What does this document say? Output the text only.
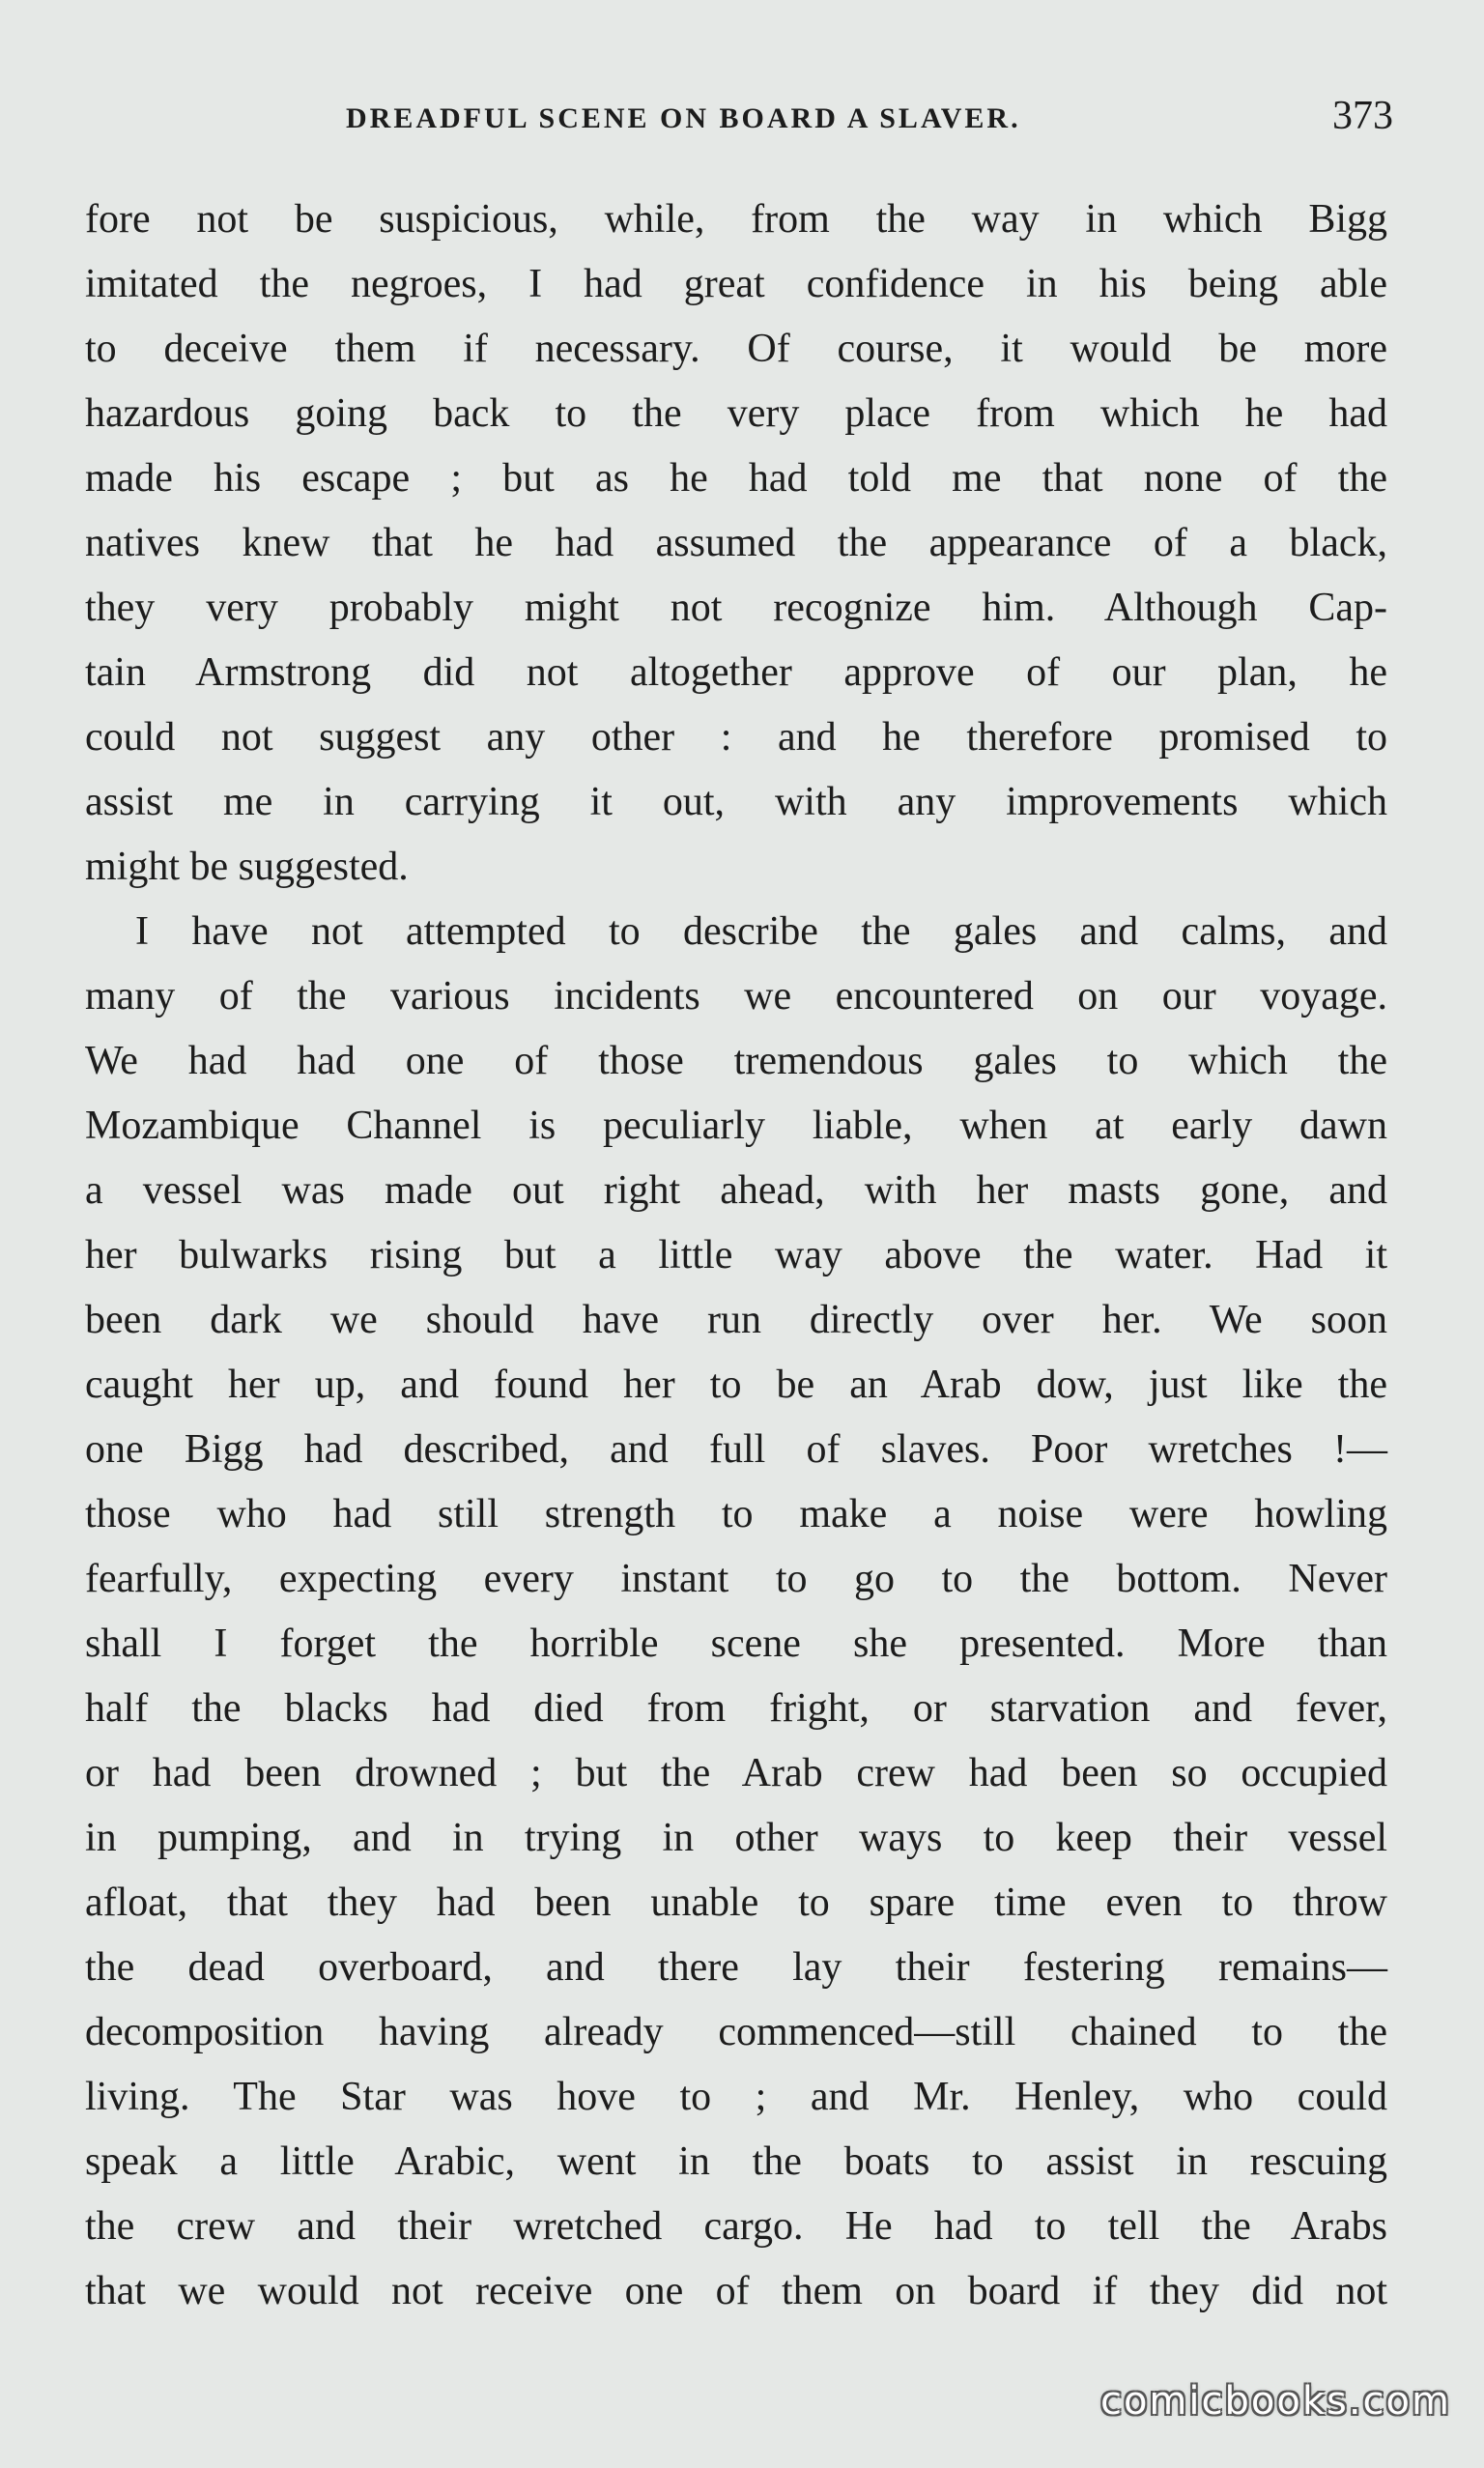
DREADFUL SCENE ON BOARD A SLAVER.	373
fore not be suspicious, while, from the way in which Bigg
imitated the negroes, I had great confidence in his being able
to deceive them if necessary. Of course, it would be more
hazardous going back to the very place from which he had
made his escape ; but as he had told me that none of the
natives knew that he had assumed the appearance of a black,
they very probably might not recognize him. Although Cap-
tain Armstrong did not altogether approve of our plan, he
could not suggest any other : and he therefore promised to
assist me in carrying it out, with any improvements which
might be suggested.
I have not attempted to describe the gales and calms, and
many of the various incidents we encountered on our voyage.
We had had one of those tremendous gales to which the
Mozambique Channel is peculiarly liable, when at early dawn
a vessel was made out right ahead, with her masts gone, and
her bulwarks rising but a little way above the water. Had it
been dark we should have run directly over her. We soon
caught her up, and found her to be an Arab dow, just like the
one Bigg had described, and full of slaves. Poor wretches !—
those who had still strength to make a noise were howling
fearfully, expecting every instant to go to the bottom. Never
shall I forget the horrible scene she presented. More than
half the blacks had died from fright, or starvation and fever,
or had been drowned ; but the Arab crew had been so occupied
in pumping, and in trying in other ways to keep their vessel
afloat, that they had been unable to spare time even to throw
the dead overboard, and there lay their festering remains—
decomposition having already commenced—still chained to the
living. The Star was hove to ; and Mr. Henley, who could
speak a little Arabic, went in the boats to assist in rescuing
the crew and their wretched cargo. He had to tell the Arabs
that we would not receive one of them on board if they did not
comicbooks.com
